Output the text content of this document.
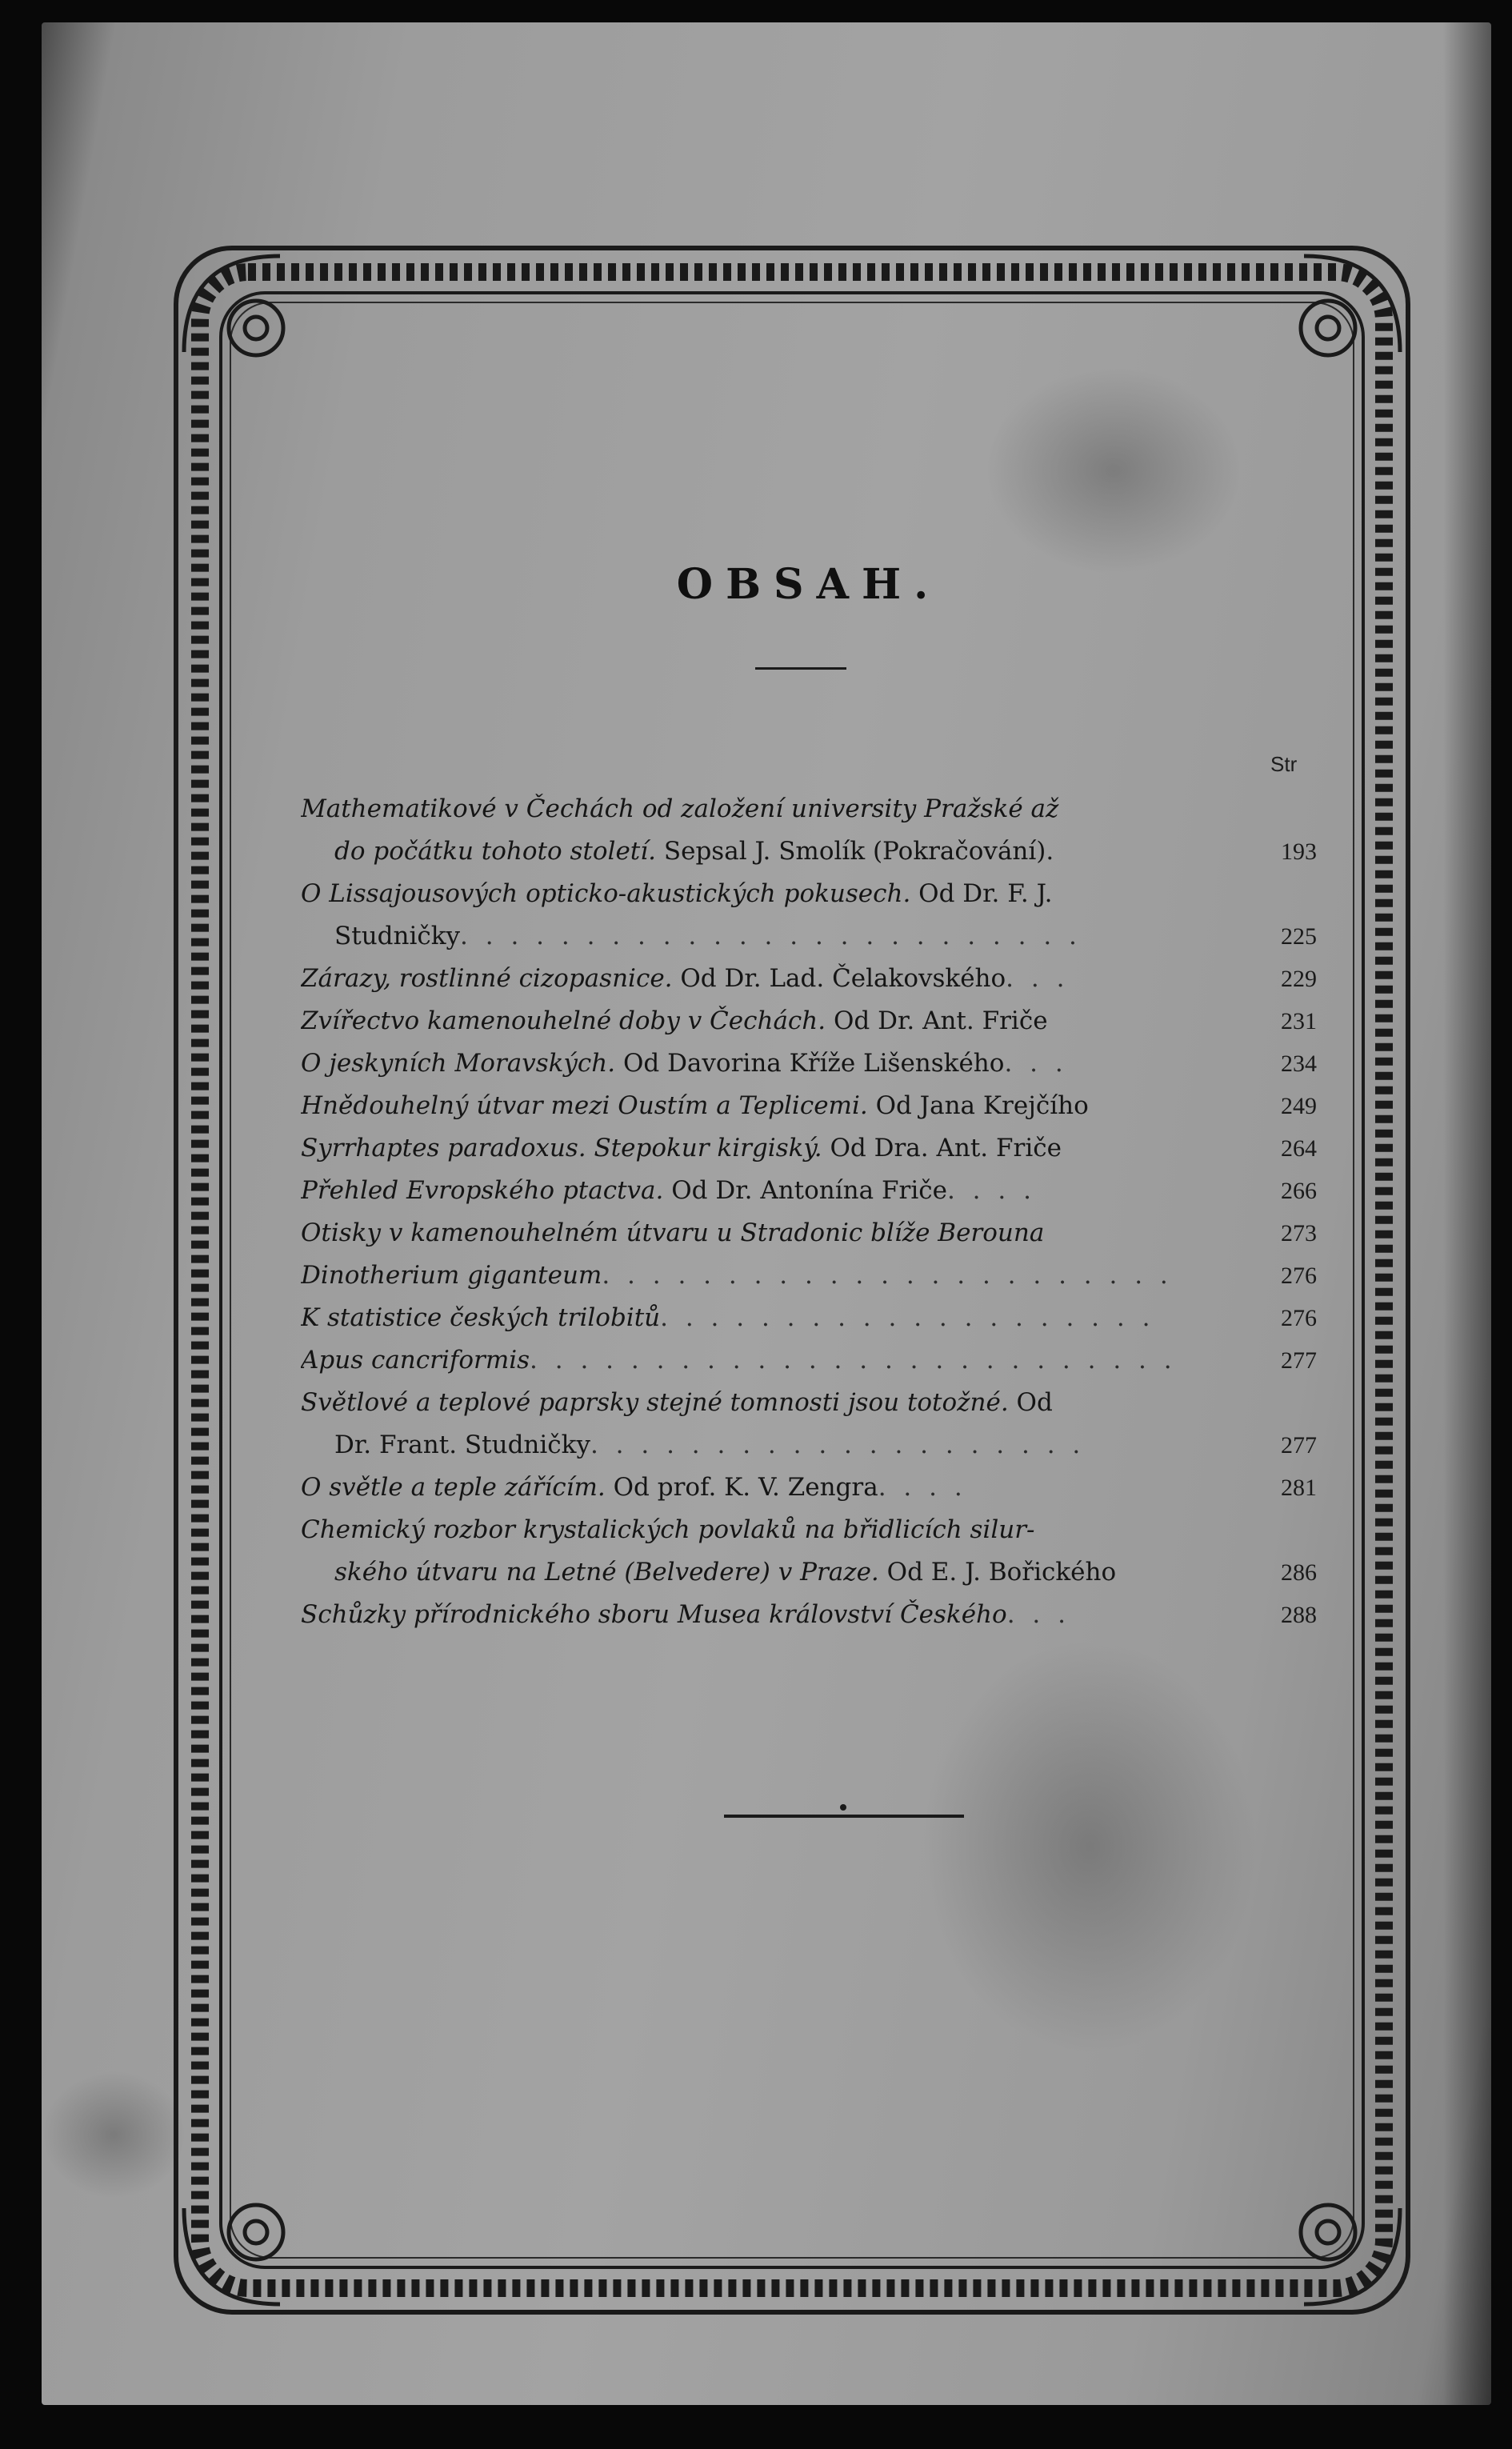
OBSAH.
Str
Mathematikové v Čechách od založení university Pražské až
do počátku tohoto století. Sepsal J. Smolík (Pokračování).	193
O Lissajousových opticko-akustických pokusech. Od Dr. F. J.
Studničky. . . . . . . . . . . . . . . . . . . . . . . . .	225
Zárazy, rostlinné cizopasnice. Od Dr. Lad. Čelakovského. . .	229
Zvířectvo kamenouhelné doby v Čechách. Od Dr. Ant. Friče	231
O jeskyních Moravských. Od Davorina Kříže Lišenského. . .	234
Hnědouhelný útvar mezi Oustím a Teplicemi. Od Jana Krejčího	249
Syrrhaptes paradoxus. Stepokur kirgiský. Od Dra. Ant. Friče	264
Přehled Evropského ptactva. Od Dr. Antonína Friče. . . .	266
Otisky v kamenouhelném útvaru u Stradonic blíže Berouna	273
Dinotherium giganteum. . . . . . . . . . . . . . . . . . . . . . .	276
K statistice českých trilobitů. . . . . . . . . . . . . . . . . . . .	276
Apus cancriformis. . . . . . . . . . . . . . . . . . . . . . . . . .	277
Světlové a teplové paprsky stejné tomnosti jsou totožné. Od
Dr. Frant. Studničky. . . . . . . . . . . . . . . . . . . .	277
O světle a teple zářícím. Od prof. K. V. Zengra. . . .	281
Chemický rozbor krystalických povlaků na břidlicích silur-
ského útvaru na Letné (Belvedere) v Praze. Od E. J. Bořického	286
Schůzky přírodnického sboru Musea království Českého. . .	288
